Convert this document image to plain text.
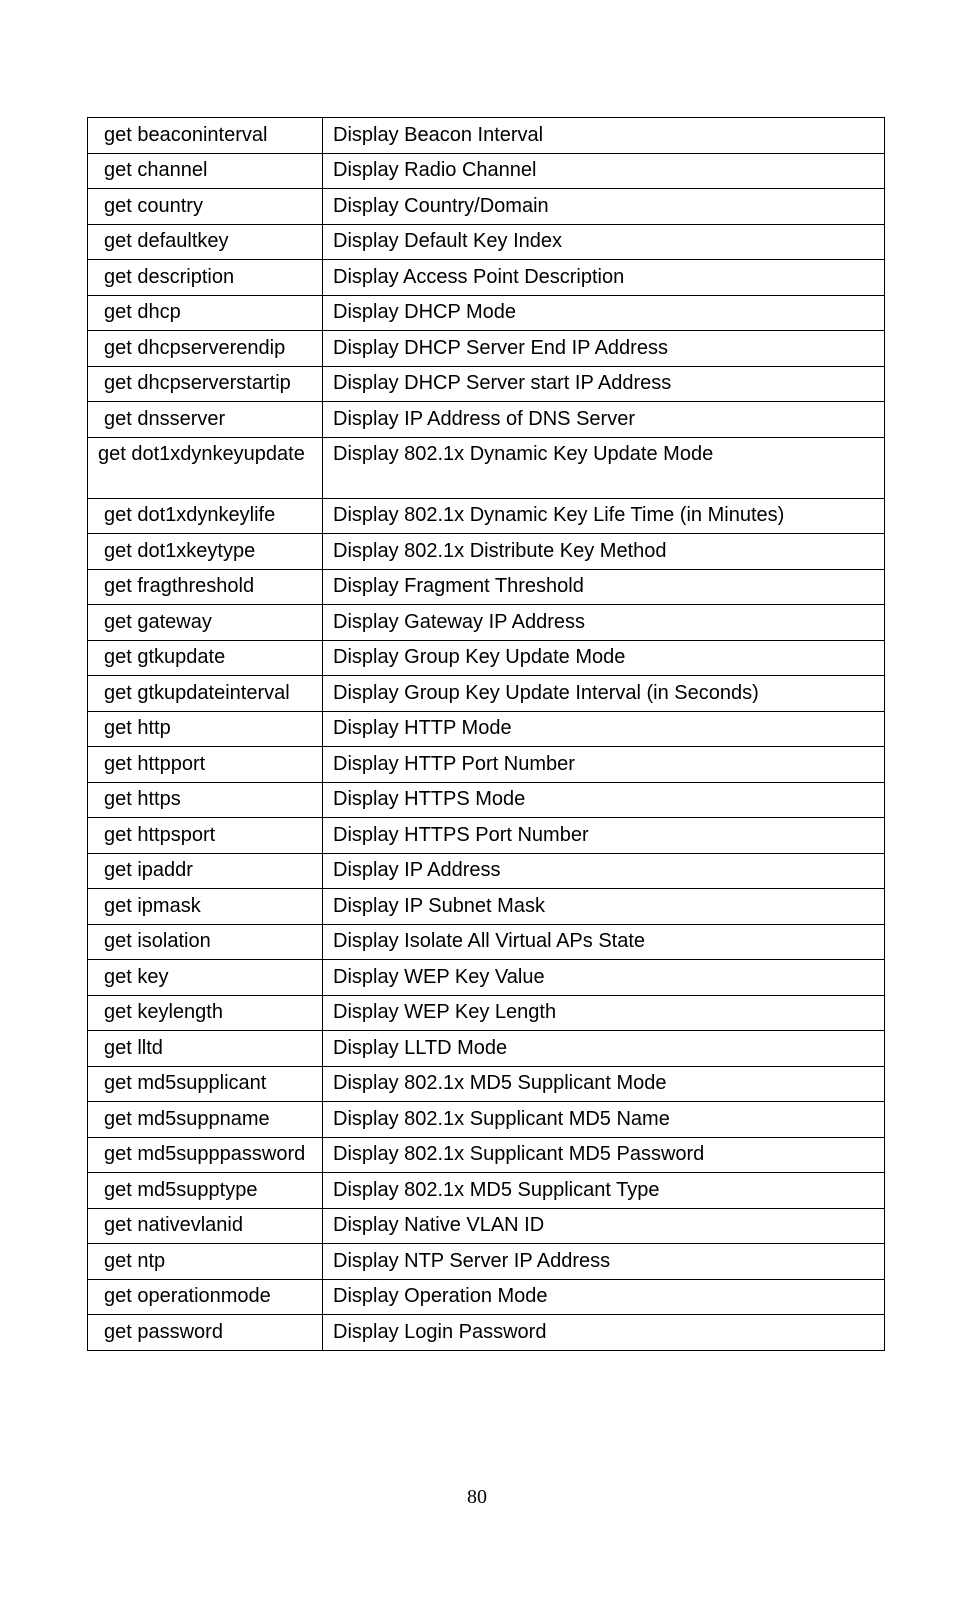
get beaconinterval	Display Beacon Interval
get channel	Display Radio Channel
get country	Display Country/Domain
get defaultkey	Display Default Key Index
get description	Display Access Point Description
get dhcp	Display DHCP Mode
get dhcpserverendip	Display DHCP Server End IP Address
get dhcpserverstartip	Display DHCP Server start IP Address
get dnsserver	Display IP Address of DNS Server
get dot1xdynkeyupdate	Display 802.1x Dynamic Key Update Mode
get dot1xdynkeylife	Display 802.1x Dynamic Key Life Time (in Minutes)
get dot1xkeytype	Display 802.1x Distribute Key Method
get fragthreshold	Display Fragment Threshold
get gateway	Display Gateway IP Address
get gtkupdate	Display Group Key Update Mode
get gtkupdateinterval	Display Group Key Update Interval (in Seconds)
get http	Display HTTP Mode
get httpport	Display HTTP Port Number
get https	Display HTTPS Mode
get httpsport	Display HTTPS Port Number
get ipaddr	Display IP Address
get ipmask	Display IP Subnet Mask
get isolation	Display Isolate All Virtual APs State
get key	Display WEP Key Value
get keylength	Display WEP Key Length
get lltd	Display LLTD Mode
get md5supplicant	Display 802.1x MD5 Supplicant Mode
get md5suppname	Display 802.1x Supplicant MD5 Name
get md5supppassword	Display 802.1x Supplicant MD5 Password
get md5supptype	Display 802.1x MD5 Supplicant Type
get nativevlanid	Display Native VLAN ID
get ntp	Display NTP Server IP Address
get operationmode	Display Operation Mode
get password	Display Login Password
80
